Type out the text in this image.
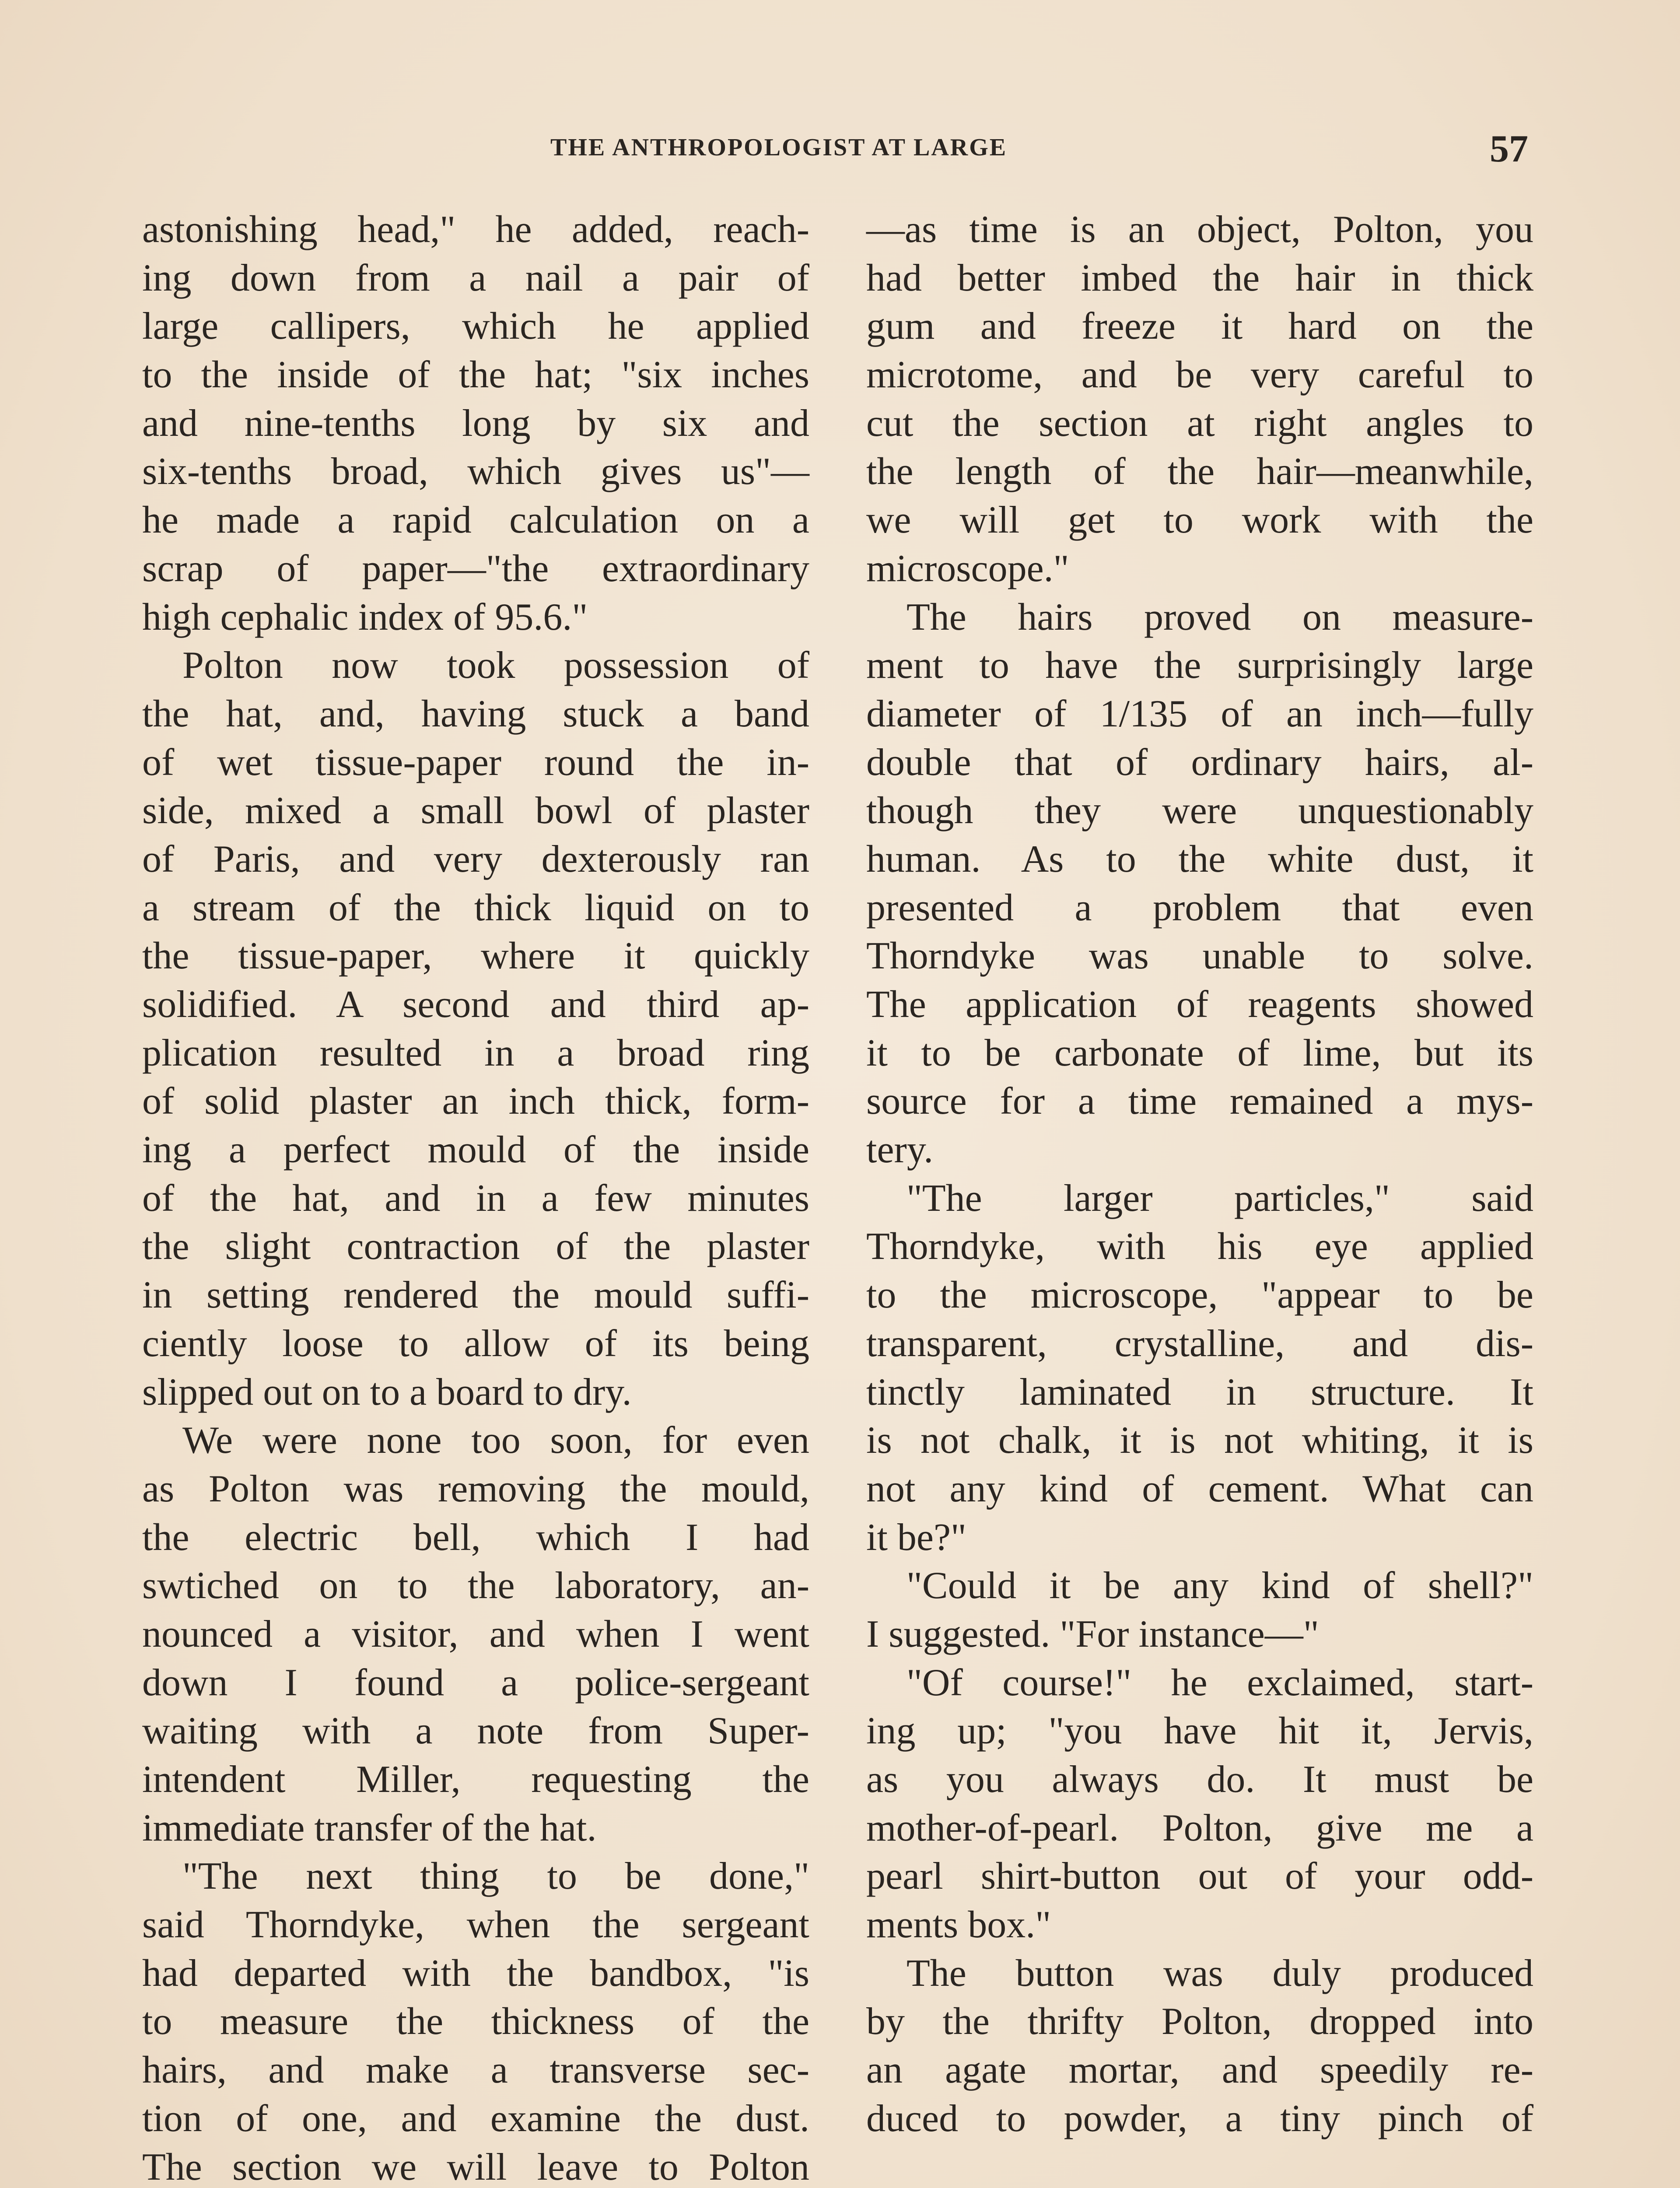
THE ANTHROPOLOGIST AT LARGE	57
astonishing head," he added, reach-
ing down from a nail a pair of
large callipers, which he applied
to the inside of the hat; "six inches
and nine-tenths long by six and
six-tenths broad, which gives us"—
he made a rapid calculation on a
scrap of paper—"the extraordinary
high cephalic index of 95.6."
Polton now took possession of
the hat, and, having stuck a band
of wet tissue-paper round the in-
side, mixed a small bowl of plaster
of Paris, and very dexterously ran
a stream of the thick liquid on to
the tissue-paper, where it quickly
solidified. A second and third ap-
plication resulted in a broad ring
of solid plaster an inch thick, form-
ing a perfect mould of the inside
of the hat, and in a few minutes
the slight contraction of the plaster
in setting rendered the mould suffi-
ciently loose to allow of its being
slipped out on to a board to dry.
We were none too soon, for even
as Polton was removing the mould,
the electric bell, which I had
swtiched on to the laboratory, an-
nounced a visitor, and when I went
down I found a police-sergeant
waiting with a note from Super-
intendent Miller, requesting the
immediate transfer of the hat.
"The next thing to be done,"
said Thorndyke, when the sergeant
had departed with the bandbox, "is
to measure the thickness of the
hairs, and make a transverse sec-
tion of one, and examine the dust.
The section we will leave to Polton
—as time is an object, Polton, you
had better imbed the hair in thick
gum and freeze it hard on the
microtome, and be very careful to
cut the section at right angles to
the length of the hair—meanwhile,
we will get to work with the
microscope."
The hairs proved on measure-
ment to have the surprisingly large
diameter of 1/135 of an inch—fully
double that of ordinary hairs, al-
though they were unquestionably
human. As to the white dust, it
presented a problem that even
Thorndyke was unable to solve.
The application of reagents showed
it to be carbonate of lime, but its
source for a time remained a mys-
tery.
"The larger particles," said
Thorndyke, with his eye applied
to the microscope, "appear to be
transparent, crystalline, and dis-
tinctly laminated in structure. It
is not chalk, it is not whiting, it is
not any kind of cement. What can
it be?"
"Could it be any kind of shell?"
I suggested. "For instance—"
"Of course!" he exclaimed, start-
ing up; "you have hit it, Jervis,
as you always do. It must be
mother-of-pearl. Polton, give me a
pearl shirt-button out of your odd-
ments box."
The button was duly produced
by the thrifty Polton, dropped into
an agate mortar, and speedily re-
duced to powder, a tiny pinch of
